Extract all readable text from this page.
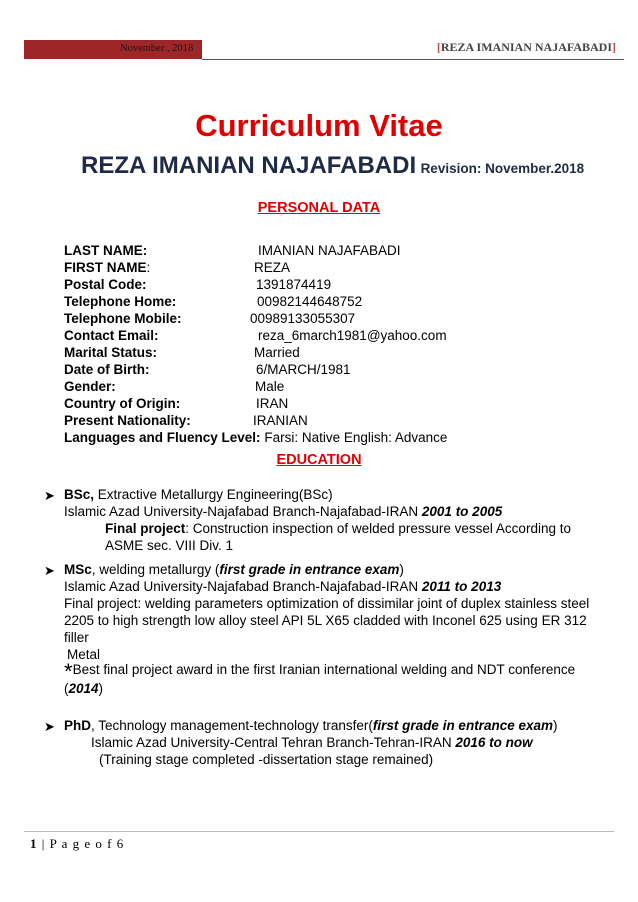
November , 2018	[REZA IMANIAN NAJAFABADI]
Curriculum Vitae
REZA IMANIAN NAJAFABADI Revision: November.2018
PERSONAL DATA
LAST NAME:	IMANIAN NAJAFABADI
FIRST NAME:	REZA
Postal Code:	1391874419
Telephone Home:	00982144648752
Telephone Mobile:	00989133055307
Contact Email:	reza_6march1981@yahoo.com
Marital Status:	Married
Date of Birth:	6/MARCH/1981
Gender:	Male
Country of Origin:	IRAN
Present Nationality:	IRANIAN
Languages and Fluency Level: Farsi: Native English: Advance
EDUCATION
➤ BSc, Extractive Metallurgy Engineering(BSc)
Islamic Azad University-Najafabad Branch-Najafabad-IRAN 2001 to 2005
Final project: Construction inspection of welded pressure vessel According to
ASME sec. VIII Div. 1
➤ MSc, welding metallurgy (first grade in entrance exam)
Islamic Azad University-Najafabad Branch-Najafabad-IRAN 2011 to 2013
Final project: welding parameters optimization of dissimilar joint of duplex stainless steel
2205 to high strength low alloy steel API 5L X65 cladded with Inconel 625 using ER 312
filler
Metal
*Best final project award in the first Iranian international welding and NDT conference
(2014)
➤ PhD, Technology management-technology transfer(first grade in entrance exam)
Islamic Azad University-Central Tehran Branch-Tehran-IRAN 2016 to now
(Training stage completed -dissertation stage remained)
1 | P a g e o f 6
